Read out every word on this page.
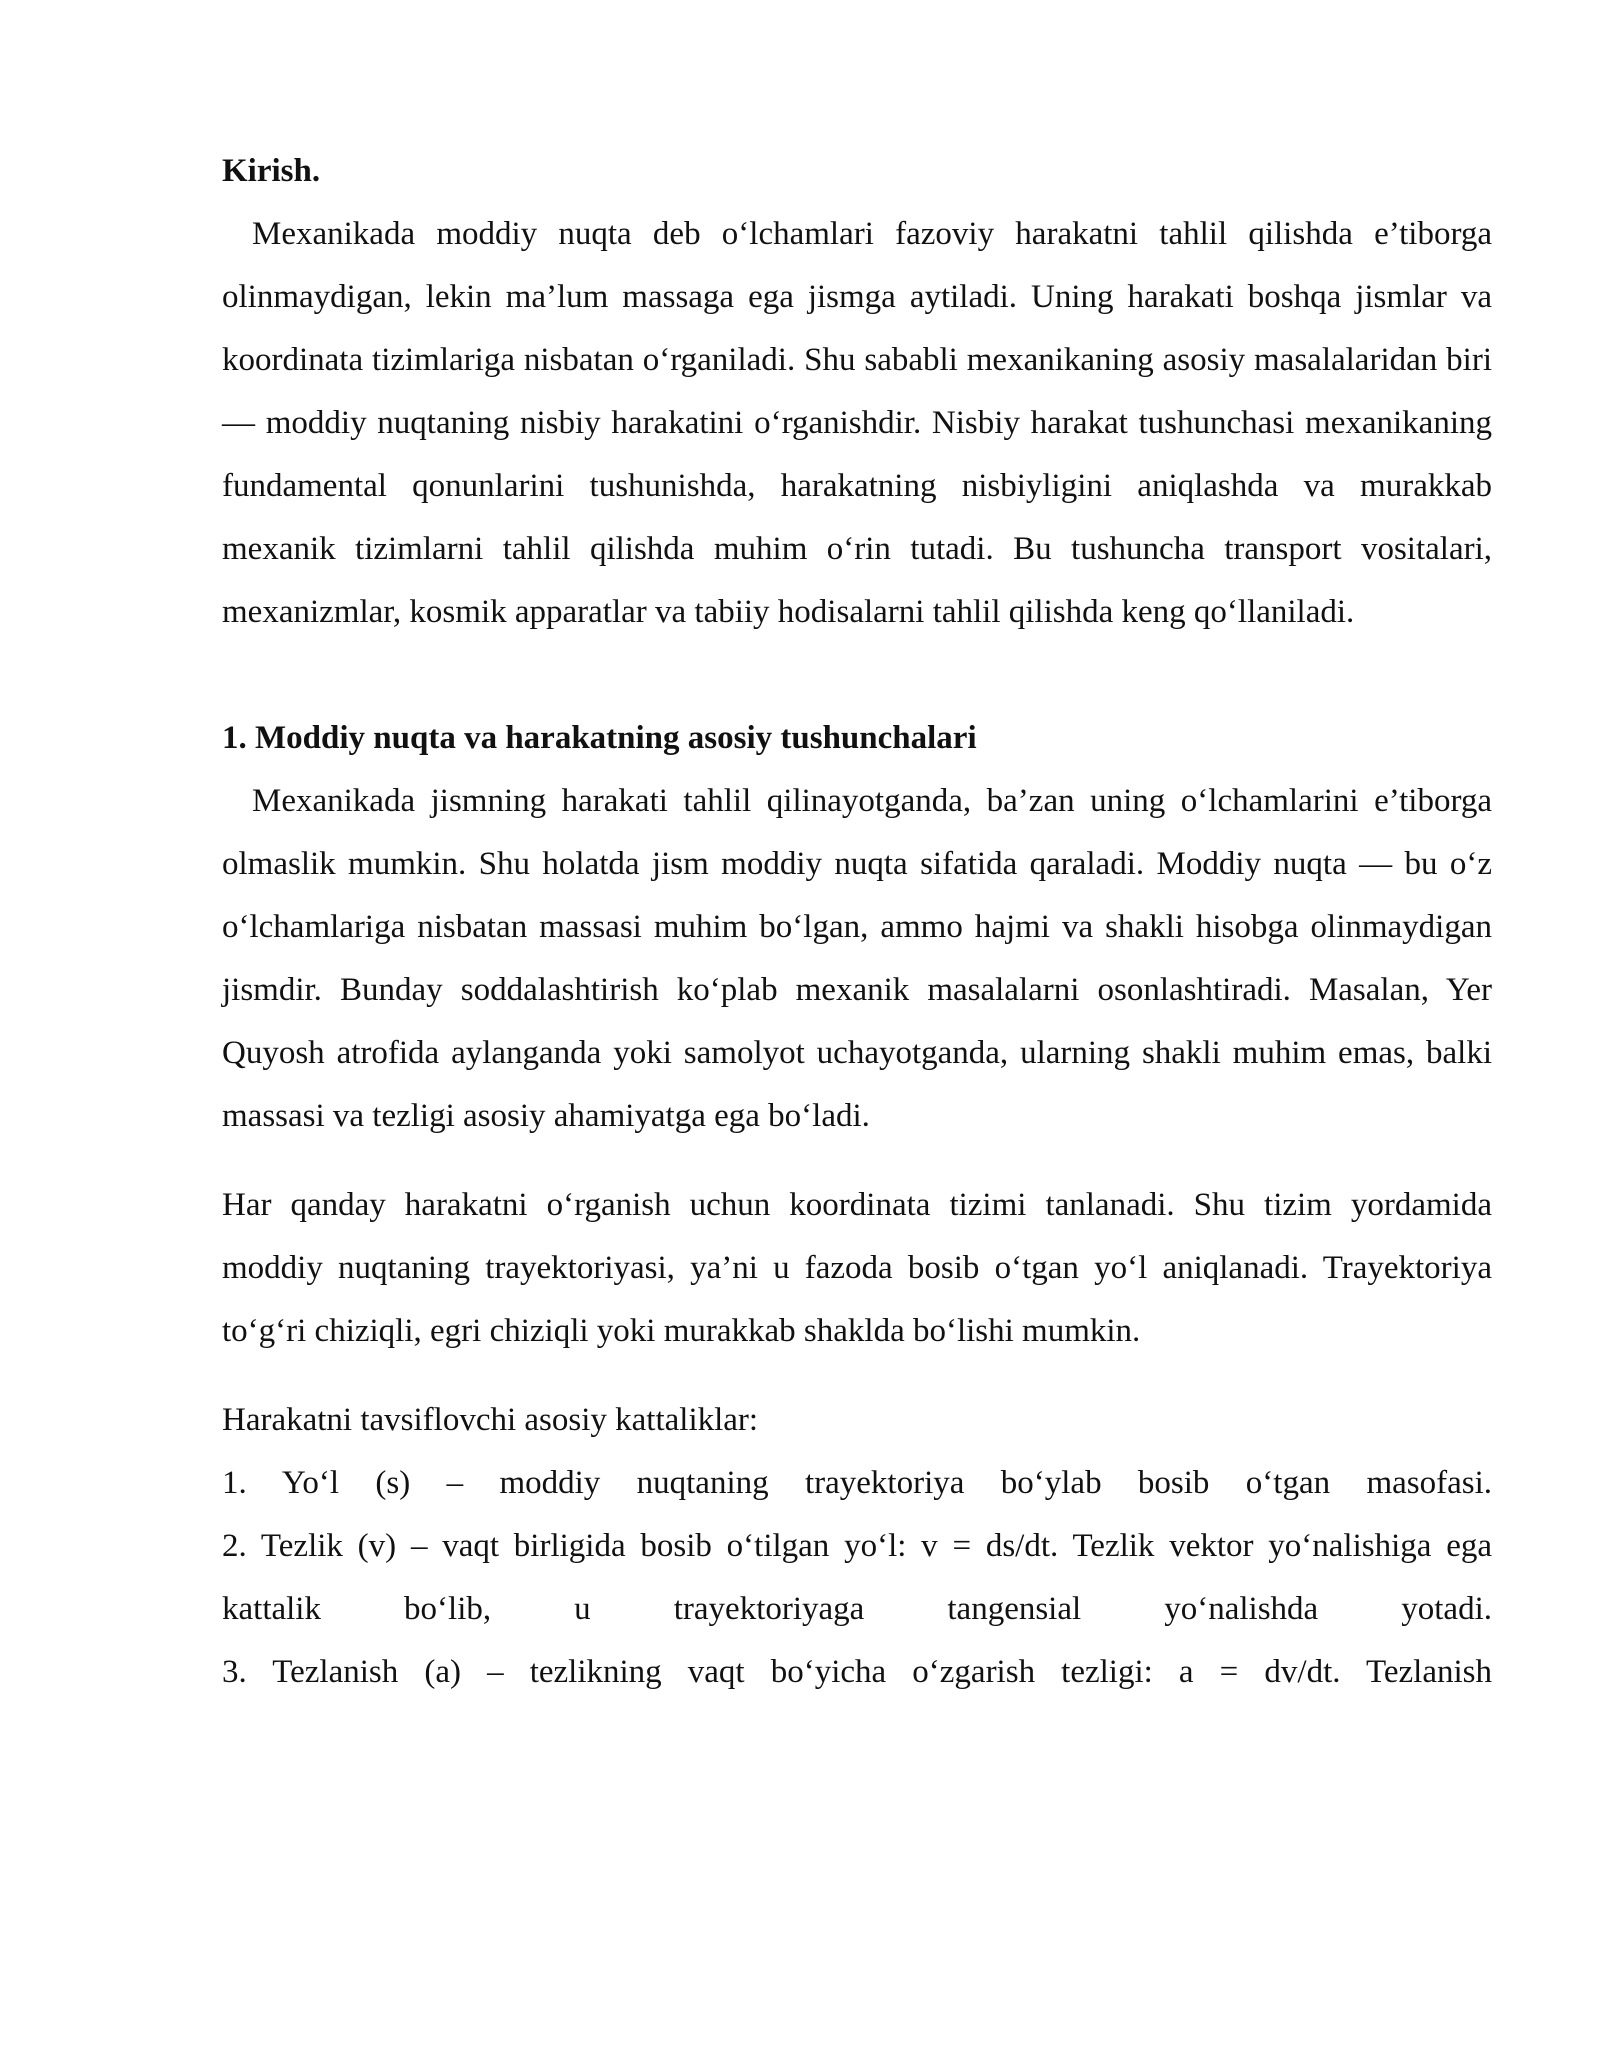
Kirish.

Mexanikada moddiy nuqta deb o‘lchamlari fazoviy harakatni tahlil qilishda e’tiborga olinmaydigan, lekin ma’lum massaga ega jismga aytiladi. Uning harakati boshqa jismlar va koordinata tizimlariga nisbatan o‘rganiladi. Shu sababli mexanikaning asosiy masalalaridan biri — moddiy nuqtaning nisbiy harakatini o‘rganishdir. Nisbiy harakat tushunchasi mexanikaning fundamental qonunlarini tushunishda, harakatning nisbiyligini aniqlashda va murakkab mexanik tizimlarni tahlil qilishda muhim o‘rin tutadi. Bu tushuncha transport vositalari, mexanizmlar, kosmik apparatlar va tabiiy hodisalarni tahlil qilishda keng qo‘llaniladi.

1. Moddiy nuqta va harakatning asosiy tushunchalari

Mexanikada jismning harakati tahlil qilinayotganda, ba’zan uning o‘lchamlarini e’tiborga olmaslik mumkin. Shu holatda jism moddiy nuqta sifatida qaraladi. Moddiy nuqta — bu o‘z o‘lchamlariga nisbatan massasi muhim bo‘lgan, ammo hajmi va shakli hisobga olinmaydigan jismdir. Bunday soddalashtirish ko‘plab mexanik masalalarni osonlashtiradi. Masalan, Yer Quyosh atrofida aylanganda yoki samolyot uchayotganda, ularning shakli muhim emas, balki massasi va tezligi asosiy ahamiyatga ega bo‘ladi.

Har qanday harakatni o‘rganish uchun koordinata tizimi tanlanadi. Shu tizim yordamida moddiy nuqtaning trayektoriyasi, ya’ni u fazoda bosib o‘tgan yo‘l aniqlanadi. Trayektoriya to‘g‘ri chiziqli, egri chiziqli yoki murakkab shaklda bo‘lishi mumkin.

Harakatni tavsiflovchi asosiy kattaliklar:

1. Yo‘l (s) – moddiy nuqtaning trayektoriya bo‘ylab bosib o‘tgan masofasi.

2. Tezlik (v) – vaqt birligida bosib o‘tilgan yo‘l: v = ds/dt. Tezlik vektor yo‘nalishiga ega kattalik bo‘lib, u trayektoriyaga tangensial yo‘nalishda yotadi.

3. Tezlanish (a) – tezlikning vaqt bo‘yicha o‘zgarish tezligi: a = dv/dt. Tezlanish
